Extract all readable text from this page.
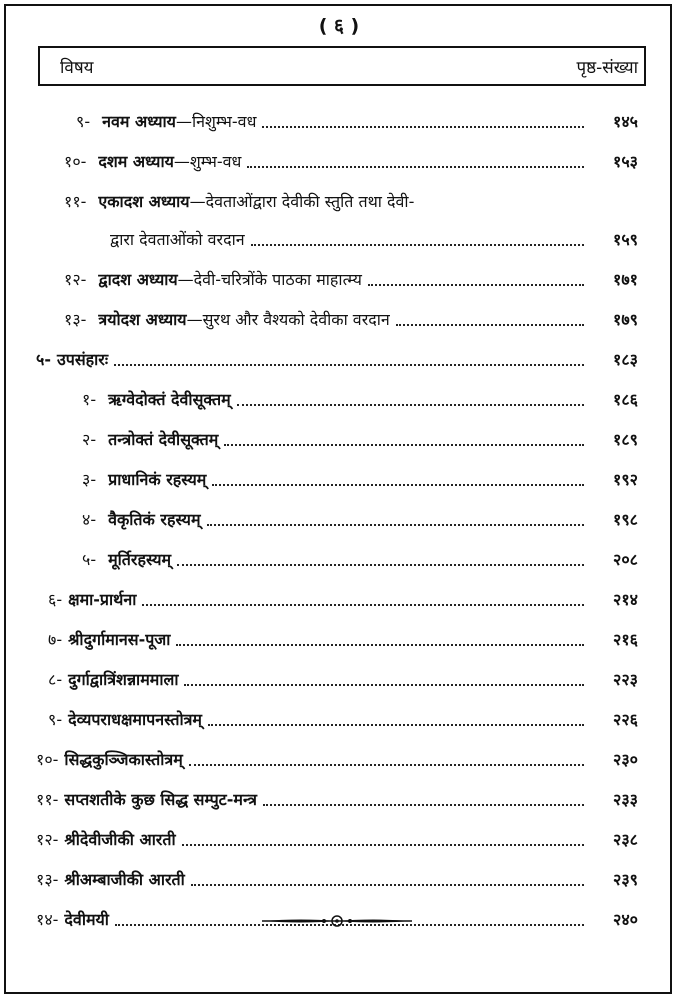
( ६ )
विषय	पृष्ठ-संख्या
९- नवम अध्याय—निशुम्भ-वध	१४५
१०- दशम अध्याय—शुम्भ-वध	१५३
११- एकादश अध्याय—देवताओंद्वारा देवीकी स्तुति तथा देवी-
द्वारा देवताओंको वरदान	१५९
१२- द्वादश अध्याय—देवी-चरित्रोंके पाठका माहात्म्य	१७१
१३- त्रयोदश अध्याय—सुरथ और वैश्यको देवीका वरदान	१७९
५- उपसंहारः	१८३
१- ऋग्वेदोक्तं देवीसूक्तम्	१८६
२- तन्त्रोक्तं देवीसूक्तम्	१८९
३- प्राधानिकं रहस्यम्	१९२
४- वैकृतिकं रहस्यम्	१९८
५- मूर्तिरहस्यम्	२०८
६- क्षमा-प्रार्थना	२१४
७- श्रीदुर्गामानस-पूजा	२१६
८- दुर्गाद्वात्रिंशन्नाममाला	२२३
९- देव्यपराधक्षमापनस्तोत्रम्	२२६
१०- सिद्धकुञ्जिकास्तोत्रम्	२३०
११- सप्तशतीके कुछ सिद्ध सम्पुट-मन्त्र	२३३
१२- श्रीदेवीजीकी आरती	२३८
१३- श्रीअम्बाजीकी आरती	२३९
१४- देवीमयी	२४०
